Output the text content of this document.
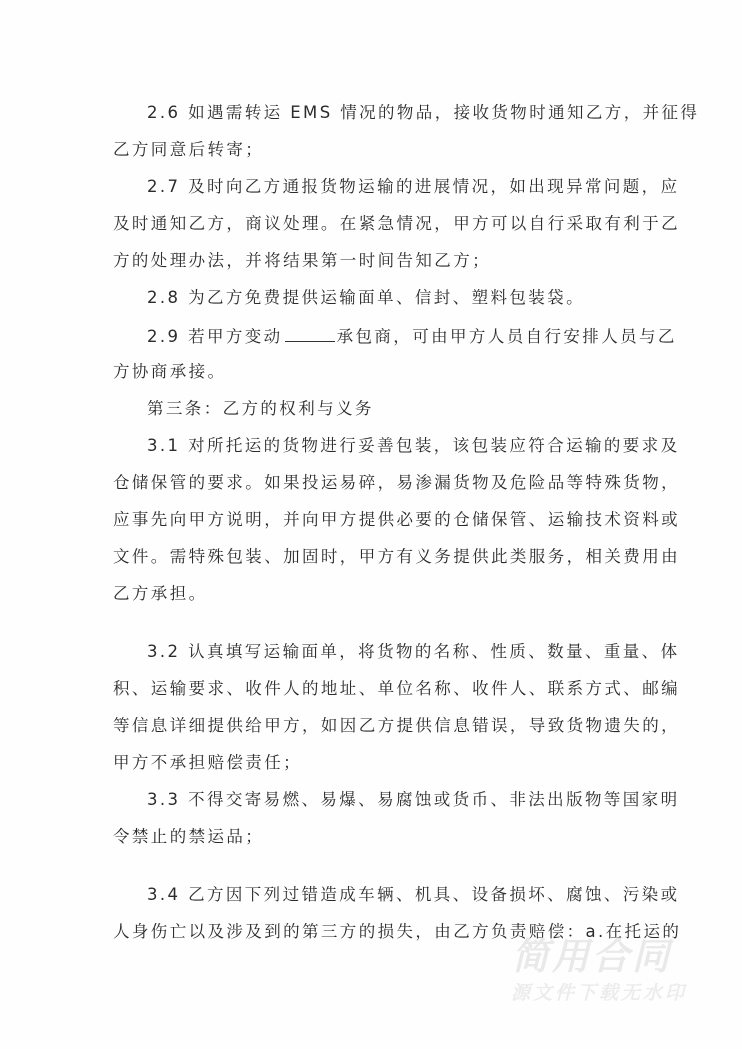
2.6 如遇需转运 EMS 情况的物品，接收货物时通知乙方，并征得
乙方同意后转寄；
2.7 及时向乙方通报货物运输的进展情况，如出现异常问题，应
及时通知乙方，商议处理。在紧急情况，甲方可以自行采取有利于乙
方的处理办法，并将结果第一时间告知乙方；
2.8 为乙方免费提供运输面单、信封、塑料包装袋。
2.9 若甲方变动	承包商，可由甲方人员自行安排人员与乙
方协商承接。
第三条：乙方的权利与义务
3.1 对所托运的货物进行妥善包装，该包装应符合运输的要求及
仓储保管的要求。如果投运易碎，易渗漏货物及危险品等特殊货物，
应事先向甲方说明，并向甲方提供必要的仓储保管、运输技术资料或
文件。需特殊包装、加固时，甲方有义务提供此类服务，相关费用由
乙方承担。
3.2 认真填写运输面单，将货物的名称、性质、数量、重量、体
积、运输要求、收件人的地址、单位名称、收件人、联系方式、邮编
等信息详细提供给甲方，如因乙方提供信息错误，导致货物遗失的，
甲方不承担赔偿责任；
3.3 不得交寄易燃、易爆、易腐蚀或货币、非法出版物等国家明
令禁止的禁运品；
3.4 乙方因下列过错造成车辆、机具、设备损坏、腐蚀、污染或
人身伤亡以及涉及到的第三方的损失，由乙方负责赔偿：a.在托运的
简用合同
源文件下载无水印
